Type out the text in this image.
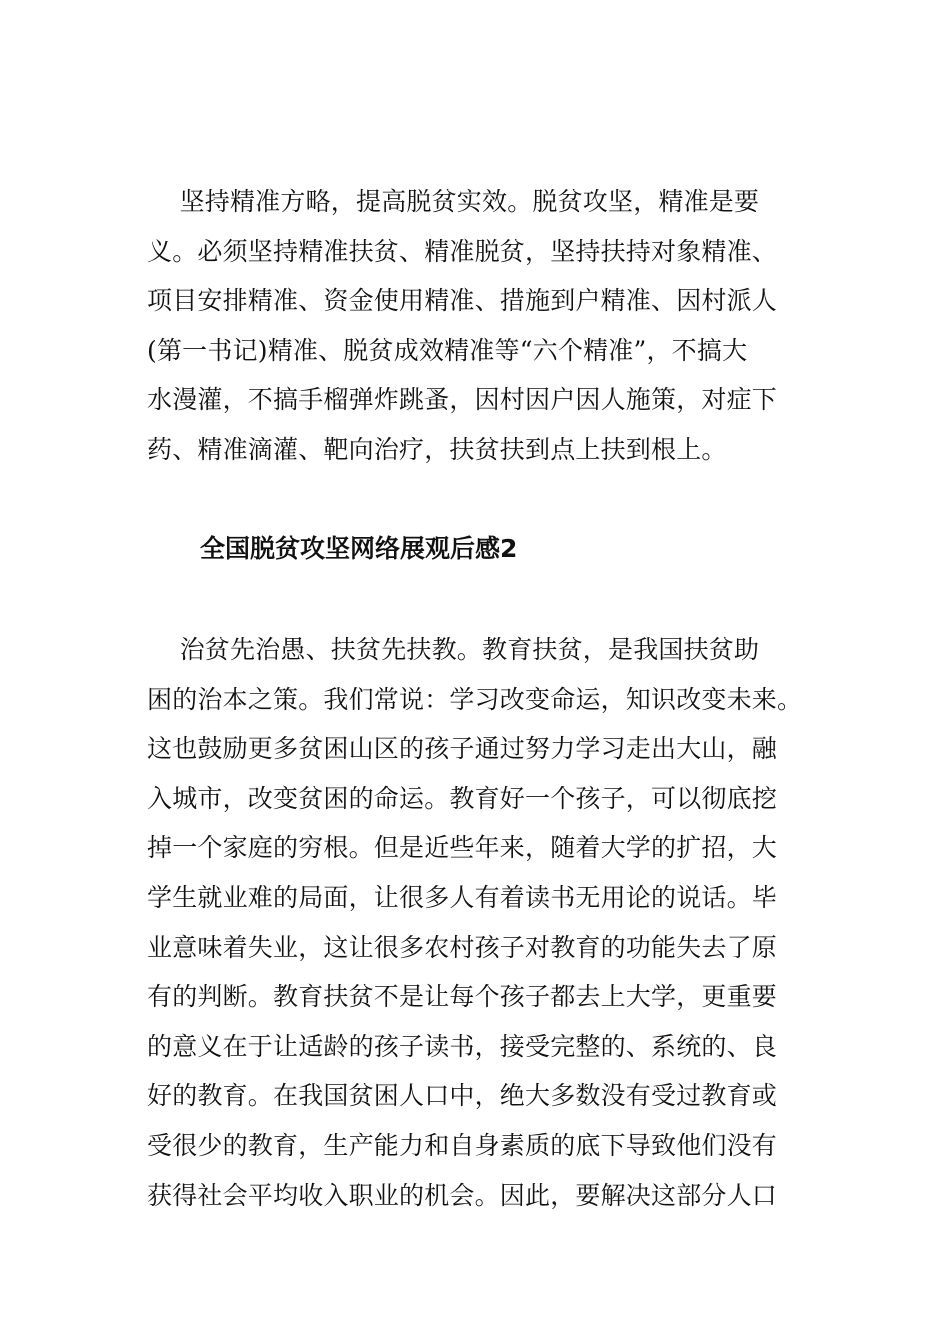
坚持精准方略，提高脱贫实效。脱贫攻坚，精准是要
义。必须坚持精准扶贫、精准脱贫，坚持扶持对象精准、
项目安排精准、资金使用精准、措施到户精准、因村派人
(第一书记)精准、脱贫成效精准等“六个精准”，不搞大
水漫灌，不搞手榴弹炸跳蚤，因村因户因人施策，对症下
药、精准滴灌、靶向治疗，扶贫扶到点上扶到根上。
全国脱贫攻坚网络展观后感2
治贫先治愚、扶贫先扶教。教育扶贫，是我国扶贫助
困的治本之策。我们常说：学习改变命运，知识改变未来。
这也鼓励更多贫困山区的孩子通过努力学习走出大山，融
入城市，改变贫困的命运。教育好一个孩子，可以彻底挖
掉一个家庭的穷根。但是近些年来，随着大学的扩招，大
学生就业难的局面，让很多人有着读书无用论的说话。毕
业意味着失业，这让很多农村孩子对教育的功能失去了原
有的判断。教育扶贫不是让每个孩子都去上大学，更重要
的意义在于让适龄的孩子读书，接受完整的、系统的、良
好的教育。在我国贫困人口中，绝大多数没有受过教育或
受很少的教育，生产能力和自身素质的底下导致他们没有
获得社会平均收入职业的机会。因此，要解决这部分人口
